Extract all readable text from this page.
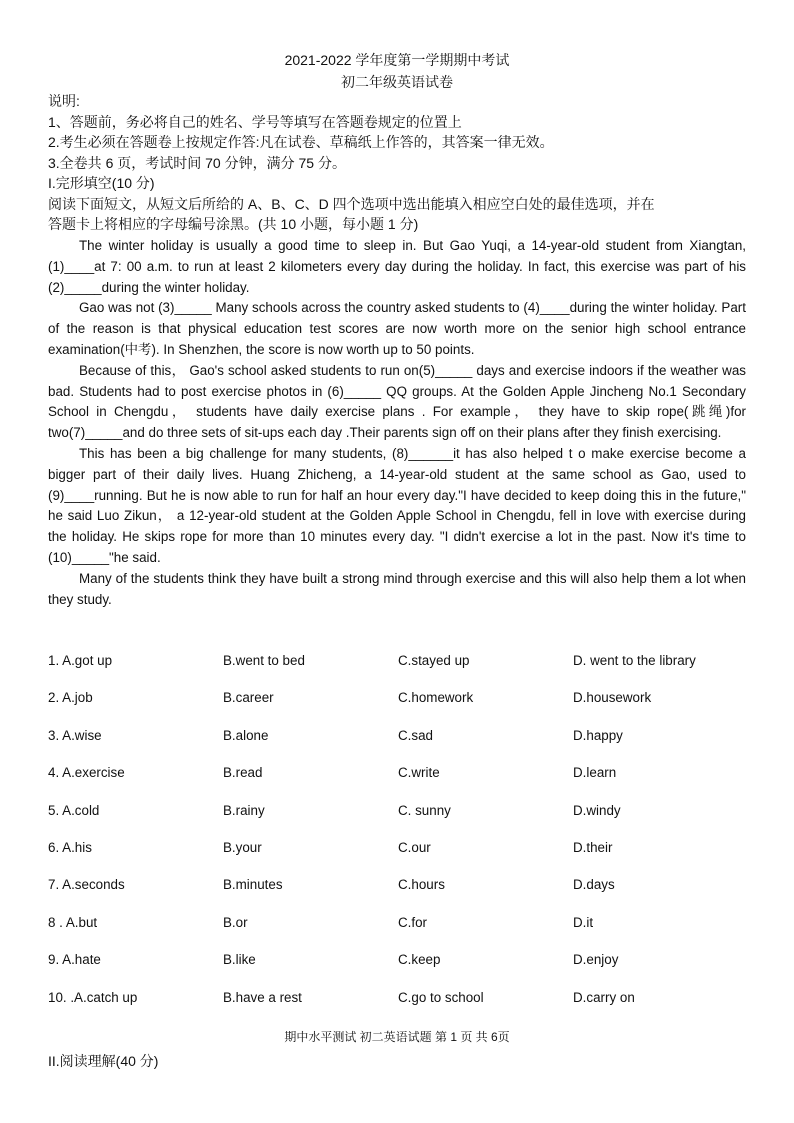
2021-2022 学年度第一学期期中考试
初二年级英语试卷
说明:
1、答题前，务必将自己的姓名、学号等填写在答题卷规定的位置上
2.考生必须在答题卷上按规定作答:凡在试卷、草稿纸上作答的，其答案一律无效。
3.全卷共 6 页，考试时间 70 分钟，满分 75 分。
I.完形填空(10 分)
阅读下面短文，从短文后所给的 A、B、C、D 四个选项中选出能填入相应空白处的最佳选项，并在
答题卡上将相应的字母编号涂黑。(共 10 小题，每小题 1 分)

The winter holiday is usually a good time to sleep in. But Gao Yuqi, a 14-year-old student from Xiangtan, (1)____at 7: 00 a.m. to run at least 2 kilometers every day during the holiday. In fact, this exercise was part of his (2)_____during the winter holiday.

Gao was not (3)_____ Many schools across the country asked students to (4)____during the winter holiday. Part of the reason is that physical education test scores are now worth more on the senior high school entrance examination(中考). In Shenzhen, the score is now worth up to 50 points.

Because of this， Gao's school asked students to run on(5)_____ days and exercise indoors if the weather was bad. Students had to post exercise photos in (6)_____ QQ groups. At the Golden Apple Jincheng No.1 Secondary School in Chengdu， students have daily exercise plans . For example， they have to skip rope(跳绳)for two(7)_____and do three sets of sit-ups each day .Their parents sign off on their plans after they finish exercising.

This has been a big challenge for many students, (8)______it has also helped t o make exercise become a bigger part of their daily lives. Huang Zhicheng, a 14-year-old student at the same school as Gao, used to (9)____running. But he is now able to run for half an hour every day."I have decided to keep doing this in the future," he said Luo Zikun， a 12-year-old student at the Golden Apple School in Chengdu, fell in love with exercise during the holiday. He skips rope for more than 10 minutes every day. "I didn't exercise a lot in the past. Now it's time to (10)_____"he said.

Many of the students think they have built a strong mind through exercise and this will also help them a lot when they study.

1. A.got up	B.went to bed	C.stayed up	D. went to the library
2. A.job	B.career	C.homework	D.housework
3. A.wise	B.alone	C.sad	D.happy
4. A.exercise	B.read	C.write	D.learn
5. A.cold	B.rainy	C. sunny	D.windy
6. A.his	B.your	C.our	D.their
7. A.seconds	B.minutes	C.hours	D.days
8 . A.but	B.or	C.for	D.it
9. A.hate	B.like	C.keep	D.enjoy
10. .A.catch up	B.have a rest	C.go to school	D.carry on
期中水平测试 初二英语试题 第 1 页 共 6页
II.阅读理解(40 分)
